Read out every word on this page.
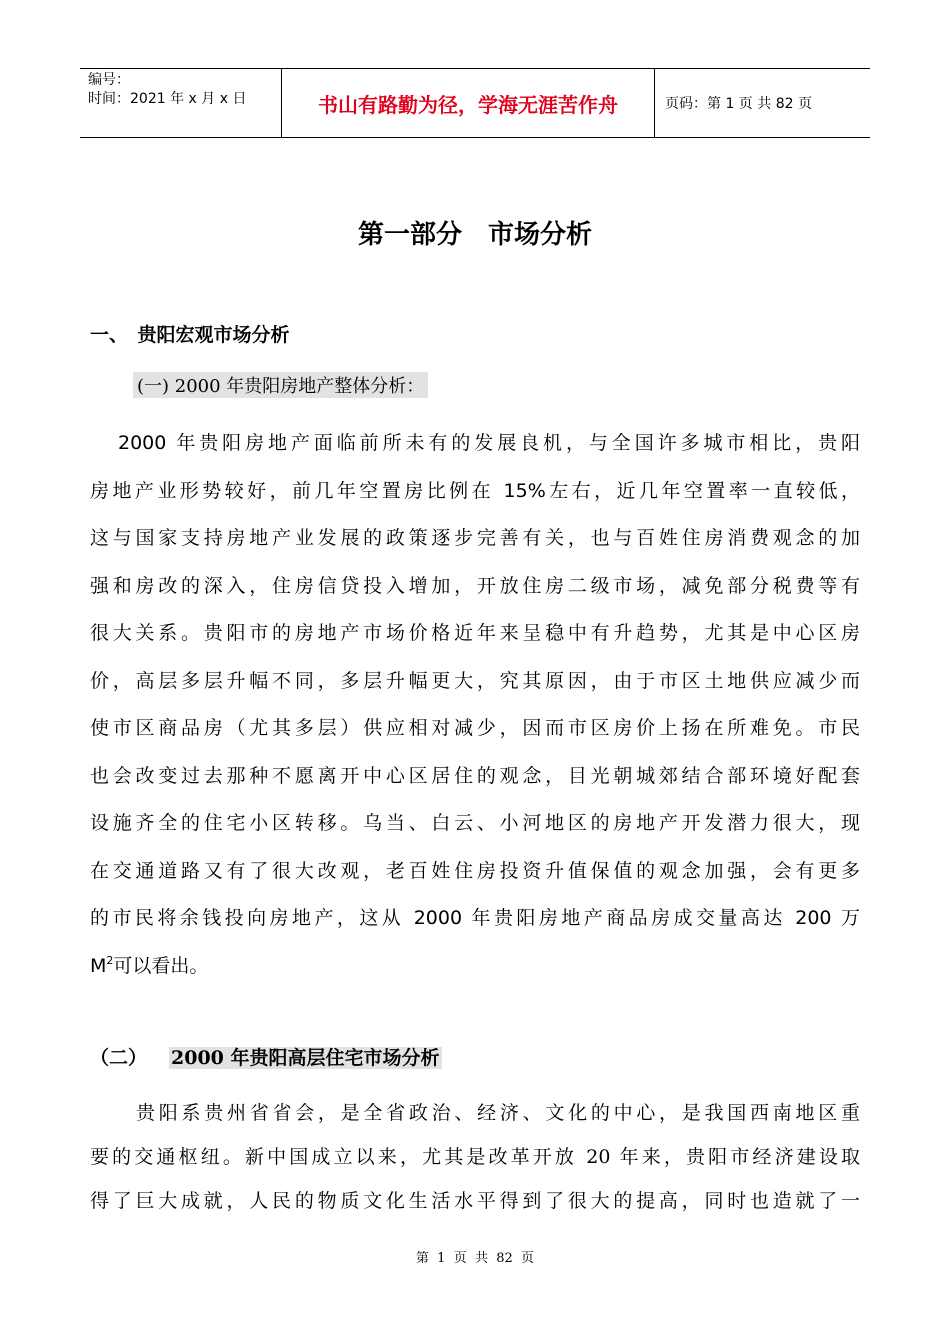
编号：
时间：2021 年 x 月 x 日	书山有路勤为径，学海无涯苦作舟	页码：第 1 页 共 82 页
第一部分　市场分析
一、　贵阳宏观市场分析
(一) 2000 年贵阳房地产整体分析：
2000 年贵阳房地产面临前所未有的发展良机，与全国许多城市相比，贵阳
房地产业形势较好，前几年空置房比例在 15%左右，近几年空置率一直较低，
这与国家支持房地产业发展的政策逐步完善有关，也与百姓住房消费观念的加
强和房改的深入，住房信贷投入增加，开放住房二级市场，减免部分税费等有
很大关系。贵阳市的房地产市场价格近年来呈稳中有升趋势，尤其是中心区房
价，高层多层升幅不同，多层升幅更大，究其原因，由于市区土地供应减少而
使市区商品房（尤其多层）供应相对减少，因而市区房价上扬在所难免。市民
也会改变过去那种不愿离开中心区居住的观念，目光朝城郊结合部环境好配套
设施齐全的住宅小区转移。乌当、白云、小河地区的房地产开发潜力很大，现
在交通道路又有了很大改观，老百姓住房投资升值保值的观念加强，会有更多
的市民将余钱投向房地产，这从 2000 年贵阳房地产商品房成交量高达 200 万
$M^2$可以看出。
（二） 2000 年贵阳高层住宅市场分析
贵阳系贵州省省会，是全省政治、经济、文化的中心，是我国西南地区重
要的交通枢纽。新中国成立以来，尤其是改革开放 20 年来，贵阳市经济建设取
得了巨大成就，人民的物质文化生活水平得到了很大的提高，同时也造就了一
第  1  页  共  82  页
